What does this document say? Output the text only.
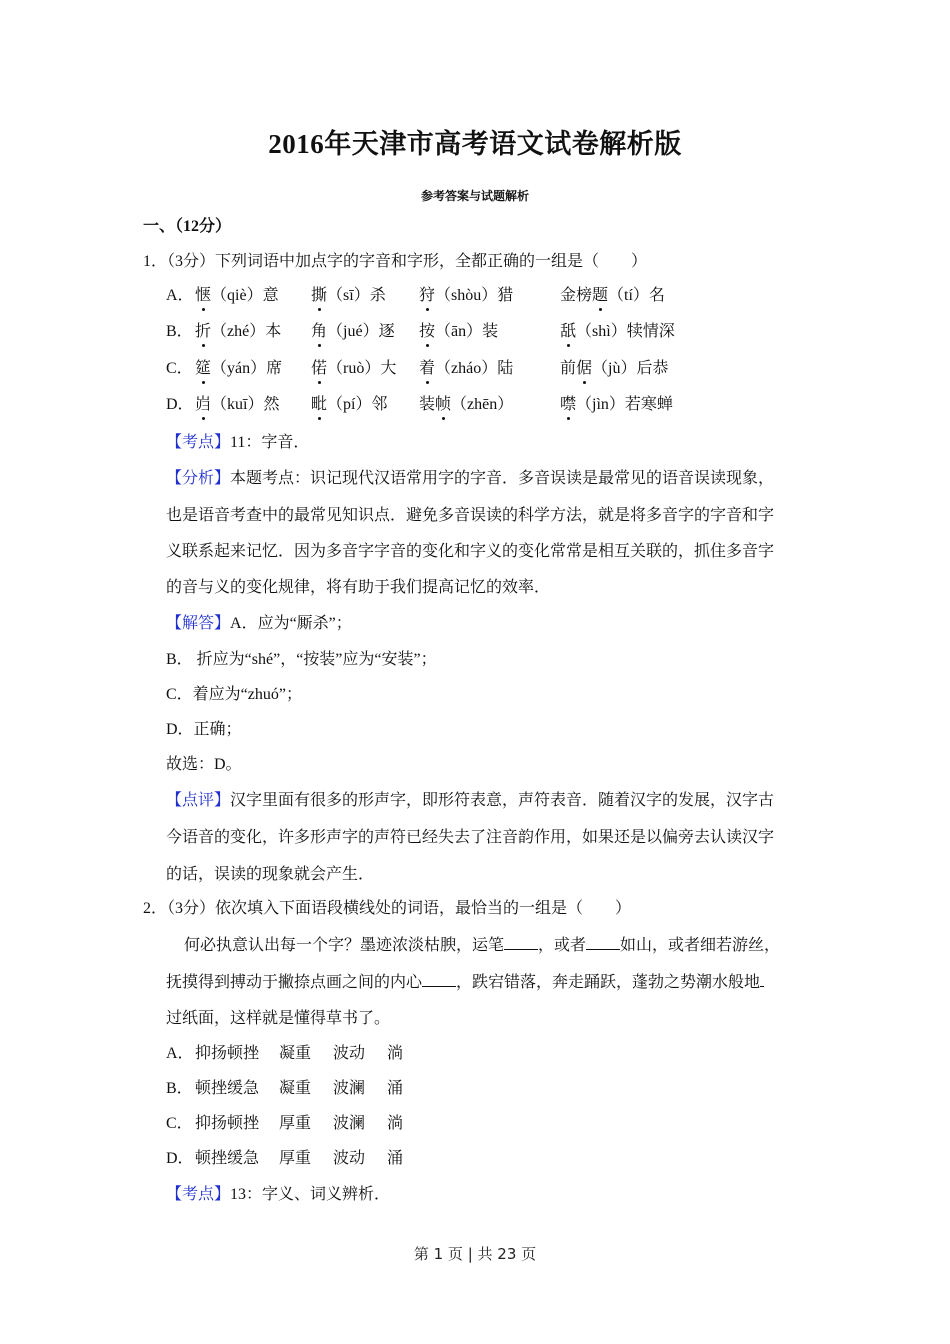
2016年天津市高考语文试卷解析版
参考答案与试题解析
一、（12分）
1．（3分）下列词语中加点字的字音和字形，全都正确的一组是（　　）
A． 惬（qiè）意 撕（sī）杀 狩（shòu）猎	金榜题（tí）名
B． 折（zhé）本 角（jué）逐 按（ān）装	舐（shì）犊情深
C． 筵（yán）席 偌（ruò）大 着（zháo）陆	前倨（jù）后恭
D． 岿（kuī）然 毗（pí）邻 装帧（zhēn）	噤（jìn）若寒蝉
【考点】11：字音．
【分析】本题考点：识记现代汉语常用字的字音．多音误读是最常见的语音误读现象，
也是语音考查中的最常见知识点．避免多音误读的科学方法，就是将多音字的字音和字
义联系起来记忆．因为多音字字音的变化和字义的变化常常是相互关联的，抓住多音字
的音与义的变化规律，将有助于我们提高记忆的效率．
【解答】A．应为“厮杀”；
B． 折应为“shé”，“按装”应为“安装”；
C．着应为“zhuó”；
D．正确；
故选：D。
【点评】汉字里面有很多的形声字，即形符表意，声符表音．随着汉字的发展，汉字古
今语音的变化，许多形声字的声符已经失去了注音韵作用，如果还是以偏旁去认读汉字
的话，误读的现象就会产生．
2．（3分）依次填入下面语段横线处的词语，最恰当的一组是（　　）
何必执意认出每一个字？墨迹浓淡枯腴，运笔 ，或者 如山，或者细若游丝，
抚摸得到搏动于撇捺点画之间的内心 ，跌宕错落，奔走踊跃，蓬勃之势潮水般地
过纸面，这样就是懂得草书了。
A． 抑扬顿挫 凝重 波动 淌
B． 顿挫缓急 凝重 波澜 涌
C． 抑扬顿挫 厚重 波澜 淌
D． 顿挫缓急 厚重 波动 涌
【考点】13：字义、词义辨析．
第 1 页 | 共 23 页
